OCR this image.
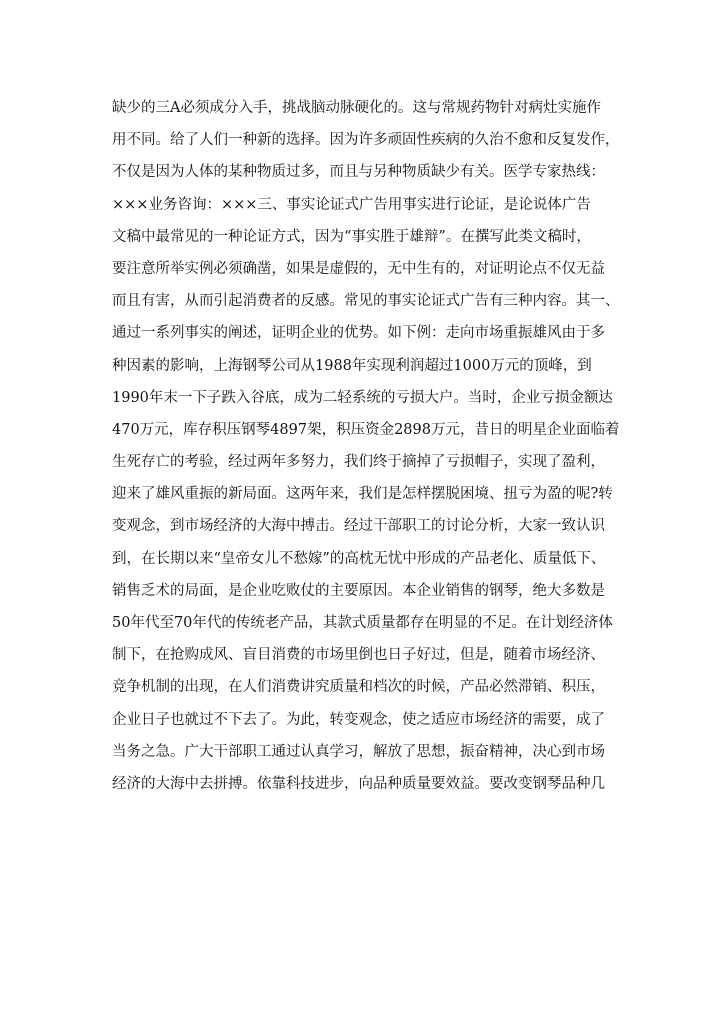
缺少的三A必须成分入手，挑战脑动脉硬化的。这与常规药物针对病灶实施作
用不同。给了人们一种新的选择。因为许多顽固性疾病的久治不愈和反复发作，
不仅是因为人体的某种物质过多，而且与另种物质缺少有关。医学专家热线：
×××业务咨询：×××三、事实论证式广告用事实进行论证，是论说体广告
文稿中最常见的一种论证方式，因为“事实胜于雄辩”。在撰写此类文稿时，
要注意所举实例必须确凿，如果是虚假的，无中生有的，对证明论点不仅无益
而且有害，从而引起消费者的反感。常见的事实论证式广告有三种内容。其一、
通过一系列事实的阐述，证明企业的优势。如下例：走向市场重振雄风由于多
种因素的影响，上海钢琴公司从1988年实现利润超过1000万元的顶峰，到
1990年末一下子跌入谷底，成为二轻系统的亏损大户。当时，企业亏损金额达
470万元，库存积压钢琴4897架，积压资金2898万元，昔日的明星企业面临着
生死存亡的考验，经过两年多努力，我们终于摘掉了亏损帽子，实现了盈利，
迎来了雄风重振的新局面。这两年来，我们是怎样摆脱困境、扭亏为盈的呢?转
变观念，到市场经济的大海中搏击。经过干部职工的讨论分析，大家一致认识
到，在长期以来“皇帝女儿不愁嫁”的高枕无忧中形成的产品老化、质量低下、
销售乏术的局面，是企业吃败仗的主要原因。本企业销售的钢琴，绝大多数是
50年代至70年代的传统老产品，其款式质量都存在明显的不足。在计划经济体
制下，在抢购成风、盲目消费的市场里倒也日子好过，但是，随着市场经济、
竞争机制的出现，在人们消费讲究质量和档次的时候，产品必然滞销、积压，
企业日子也就过不下去了。为此，转变观念，使之适应市场经济的需要，成了
当务之急。广大干部职工通过认真学习，解放了思想，振奋精神，决心到市场
经济的大海中去拼搏。依靠科技进步，向品种质量要效益。要改变钢琴品种几
